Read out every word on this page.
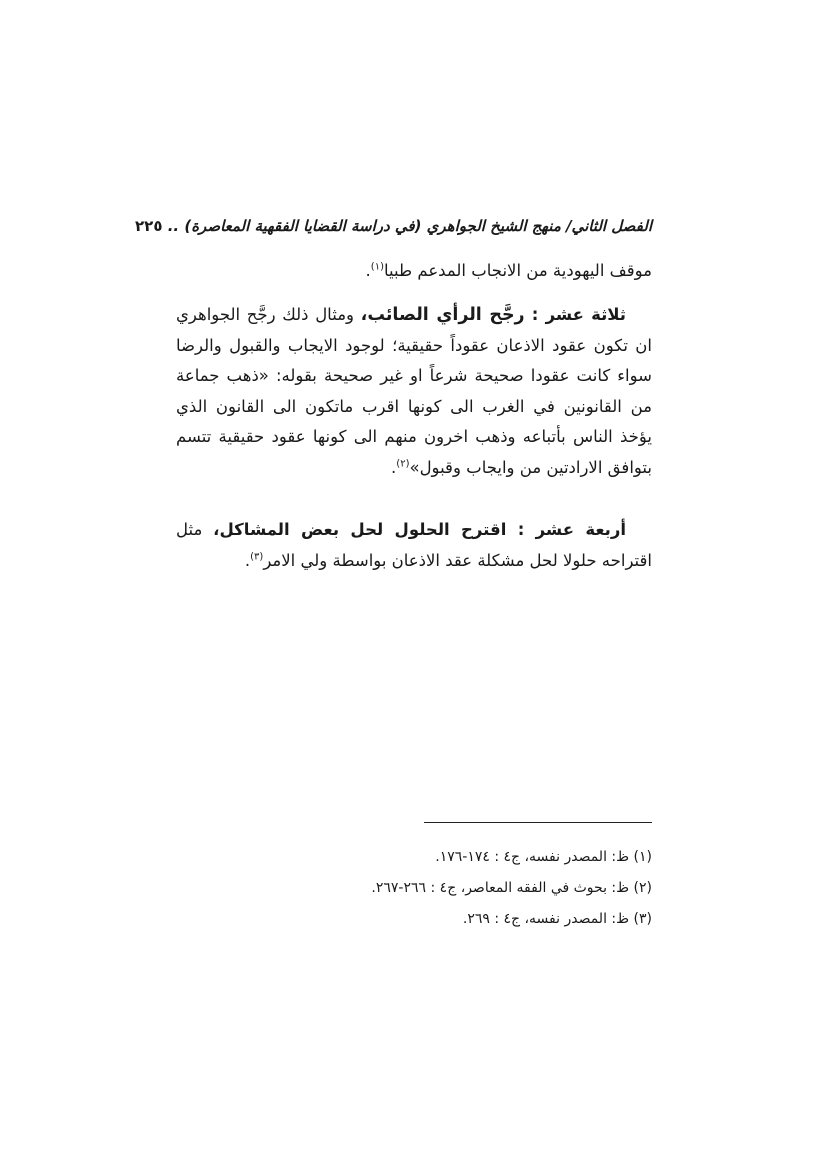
الفصل الثاني/ منهج الشيخ الجواهري (في دراسة القضايا الفقهية المعاصرة) .. ٢٢٥
موقف اليهودية من الانجاب المدعم طبيا$^{(١)}$.
ثلاثة عشر : رجَّح الرأي الصائب، ومثال ذلك رجَّح الجواهري ان تكون عقود الاذعان عقوداً حقيقية؛ لوجود الايجاب والقبول والرضا سواء كانت عقودا صحيحة شرعاً او غير صحيحة بقوله: «ذهب جماعة من القانونين في الغرب الى كونها اقرب ماتكون الى القانون الذي يؤخذ الناس بأتباعه وذهب اخرون منهم الى كونها عقود حقيقية تتسم بتوافق الارادتين من وايجاب وقبول»$^{(٢)}$.
أربعة عشر : اقترح الحلول لحل بعض المشاكل، مثل اقتراحه حلولا لحل مشكلة عقد الاذعان بواسطة ولي الامر$^{(٣)}$.
(١) ظ: المصدر نفسه، ج٤ : ١٧٤-١٧٦.
(٢) ظ: بحوث في الفقه المعاصر، ج٤ : ٢٦٦-٢٦٧.
(٣) ظ: المصدر نفسه، ج٤ : ٢٦٩.
